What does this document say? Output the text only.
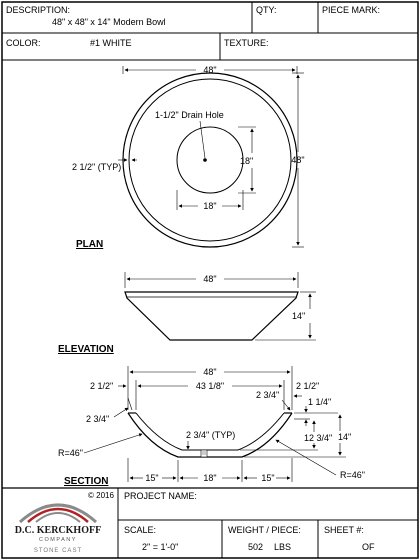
DESCRIPTION:
48" x 48" x 14" Modern Bowl
QTY:	PIECE MARK:
COLOR:	#1 WHITE	TEXTURE:
48"
48"
2 1/2" (TYP)
1-1/2" Drain Hole
18"
18"
PLAN
48"
14"
ELEVATION
48"
43 1/8"
2 1/2"	2 1/2"
2 3/4"
2 3/4"
1 1/4"
12 3/4" 14"
2 3/4" (TYP)
R=46"
R=46"
15"	18"	15"
SECTION
© 2016
D.C. KERCKHOFF
COMPANY
STONE CAST
PROJECT NAME:
SCALE:
2" = 1'-0"
WEIGHT / PIECE:
502 LBS
SHEET #:
OF
